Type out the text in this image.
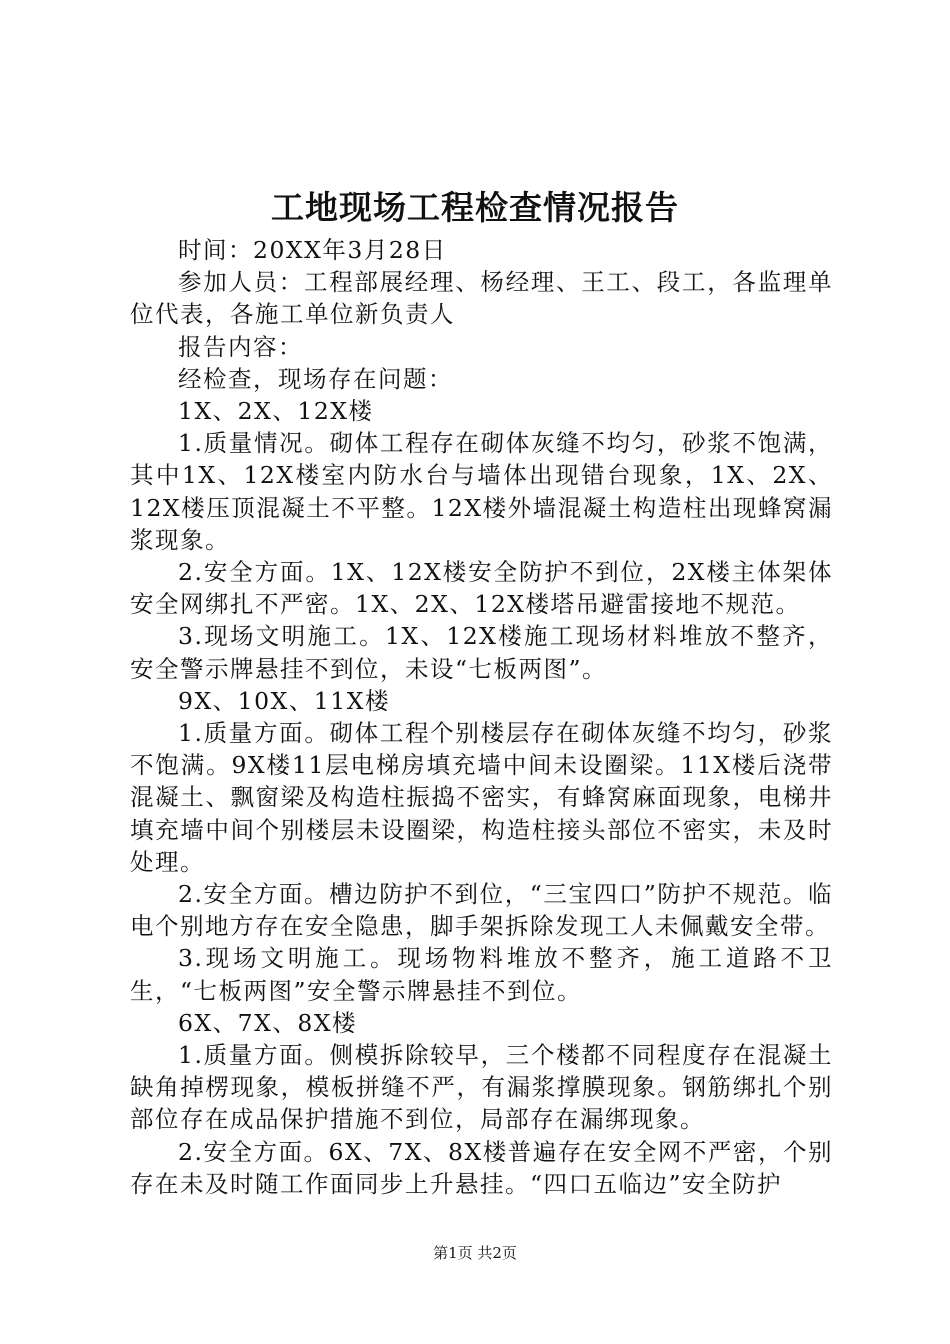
工地现场工程检查情况报告

时间：20XX年3月28日

参加人员：工程部展经理、杨经理、王工、段工，各监理单位代表，各施工单位新负责人

报告内容：

经检查，现场存在问题：

1X、2X、12X楼

1.质量情况。砌体工程存在砌体灰缝不均匀，砂浆不饱满，其中1X、12X楼室内防水台与墙体出现错台现象，1X、2X、12X楼压顶混凝土不平整。12X楼外墙混凝土构造柱出现蜂窝漏浆现象。

2.安全方面。1X、12X楼安全防护不到位，2X楼主体架体安全网绑扎不严密。1X、2X、12X楼塔吊避雷接地不规范。

3.现场文明施工。1X、12X楼施工现场材料堆放不整齐，安全警示牌悬挂不到位，未设“七板两图”。

9X、10X、11X楼

1.质量方面。砌体工程个别楼层存在砌体灰缝不均匀，砂浆不饱满。9X楼11层电梯房填充墙中间未设圈梁。11X楼后浇带混凝土、飘窗梁及构造柱振捣不密实，有蜂窝麻面现象，电梯井填充墙中间个别楼层未设圈梁，构造柱接头部位不密实，未及时处理。

2.安全方面。槽边防护不到位，“三宝四口”防护不规范。临电个别地方存在安全隐患，脚手架拆除发现工人未佩戴安全带。

3.现场文明施工。现场物料堆放不整齐，施工道路不卫生，“七板两图”安全警示牌悬挂不到位。

6X、7X、8X楼

1.质量方面。侧模拆除较早，三个楼都不同程度存在混凝土缺角掉楞现象，模板拼缝不严，有漏浆撑膜现象。钢筋绑扎个别部位存在成品保护措施不到位，局部存在漏绑现象。

2.安全方面。6X、7X、8X楼普遍存在安全网不严密，个别存在未及时随工作面同步上升悬挂。“四口五临边”安全防护

第1页 共2页
